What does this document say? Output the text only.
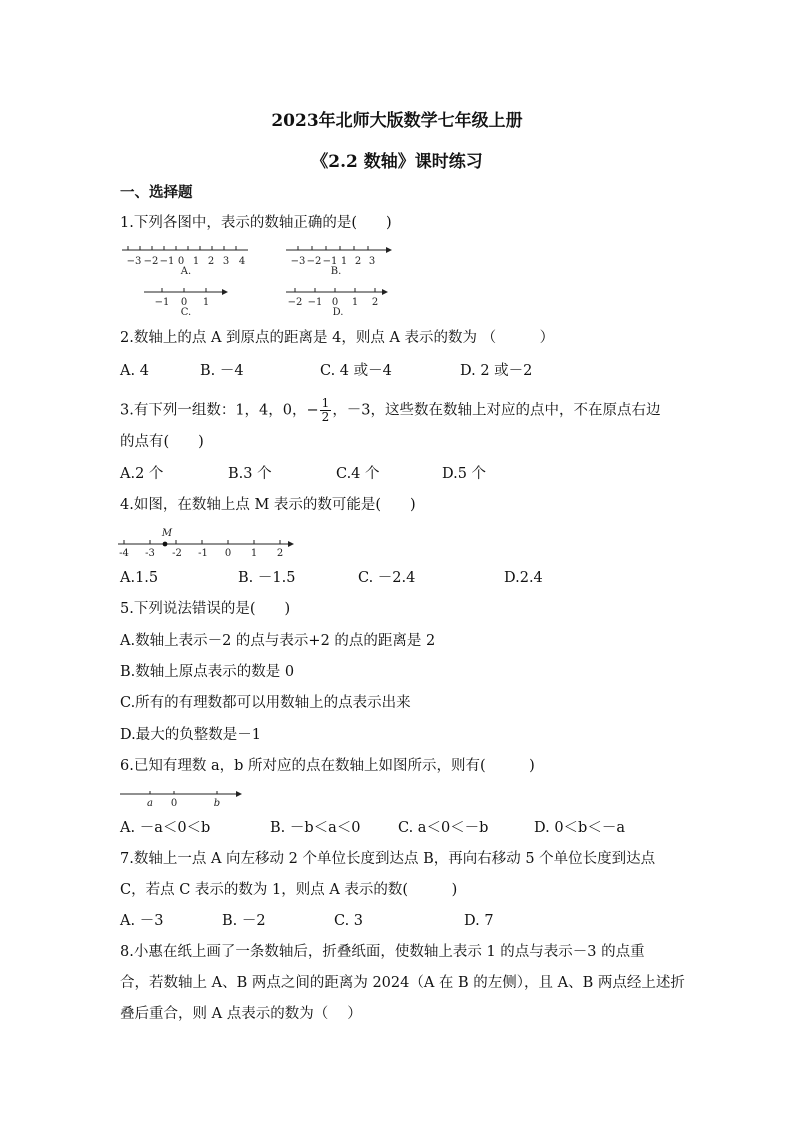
2023年北师大版数学七年级上册
《2.2 数轴》课时练习
一、选择题
1.下列各图中，表示的数轴正确的是(　　)
−3 −2 −1 0 1 2 3 4
A.
−3 −2 −1 1 2 3
B.
−1 0 1
C.
−2 −1 0 1 2
D.
2.数轴上的点 A 到原点的距离是 4，则点 A 表示的数为 （　　　）
A. 4	B. －4	C. 4 或－4	D. 2 或－2
3.有下列一组数：1，4，0，− $\frac{1}{2}$ ，－3，这些数在数轴上对应的点中，不在原点右边
的点有(　　)
A.2 个	B.3 个	C.4 个	D.5 个
4.如图，在数轴上点 M 表示的数可能是(　　)
M
-4 -3 -2 -1 0 1 2
A.1.5	B. －1.5	C. －2.4	D.2.4
5.下列说法错误的是(　　)
A.数轴上表示－2 的点与表示+2 的点的距离是 2
B.数轴上原点表示的数是 0
C.所有的有理数都可以用数轴上的点表示出来
D.最大的负整数是－1
6.已知有理数 a，b 所对应的点在数轴上如图所示，则有(　　　)
a 0	b
A. －a＜0＜b	B. －b＜a＜0	C. a＜0＜－b	D. 0＜b＜－a
7.数轴上一点 A 向左移动 2 个单位长度到达点 B，再向右移动 5 个单位长度到达点
C，若点 C 表示的数为 1，则点 A 表示的数(　　　)
A. －3	B. －2	C. 3	D. 7
8.小惠在纸上画了一条数轴后，折叠纸面，使数轴上表示 1 的点与表示－3 的点重
合，若数轴上 A、B 两点之间的距离为 2024（A 在 B 的左侧），且 A、B 两点经上述折
叠后重合，则 A 点表示的数为（　 ）
